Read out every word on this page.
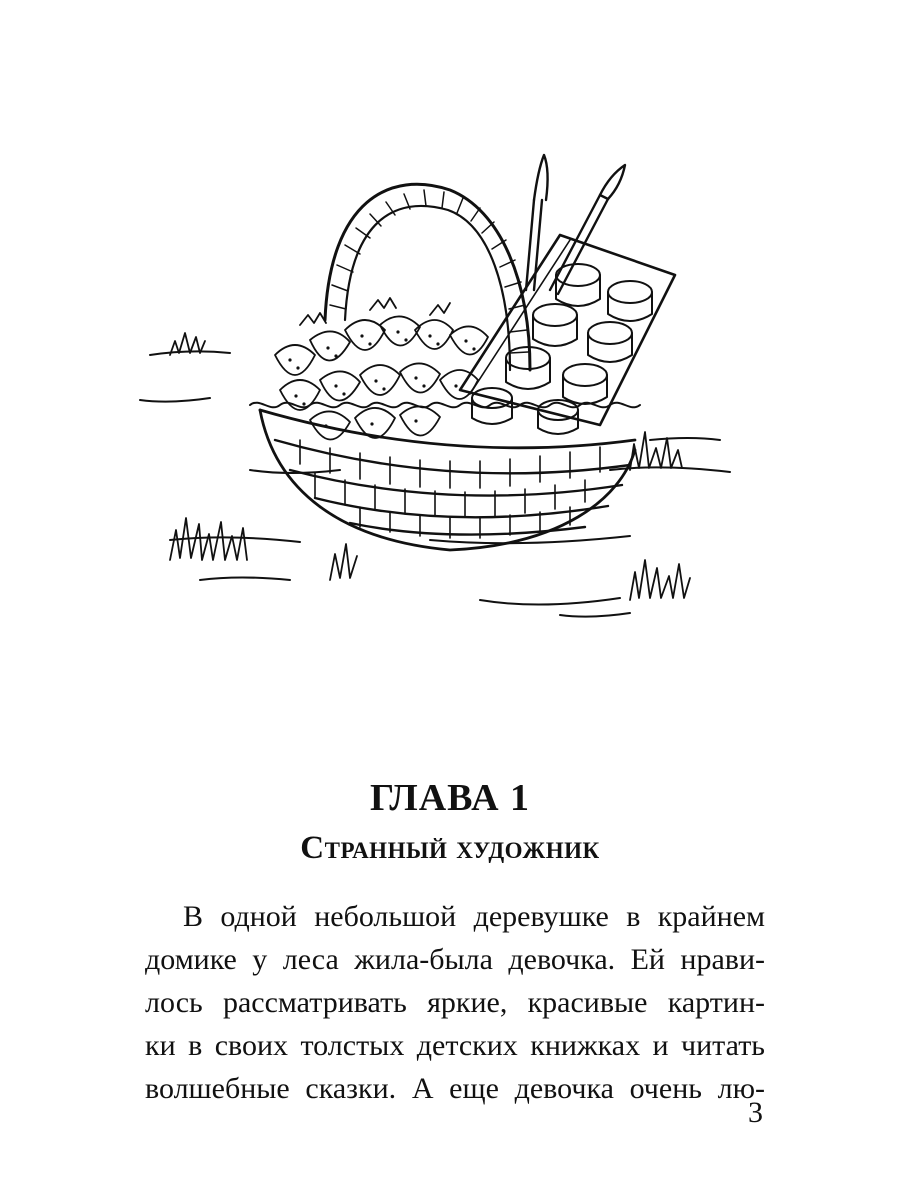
ГЛАВА 1
Странный художник
В одной небольшой деревушке в крайнем
домике у леса жила-была девочка. Ей нрави-
лось рассматривать яркие, красивые картин-
ки в своих толстых детских книжках и читать
волшебные сказки. А еще девочка очень лю-
3
